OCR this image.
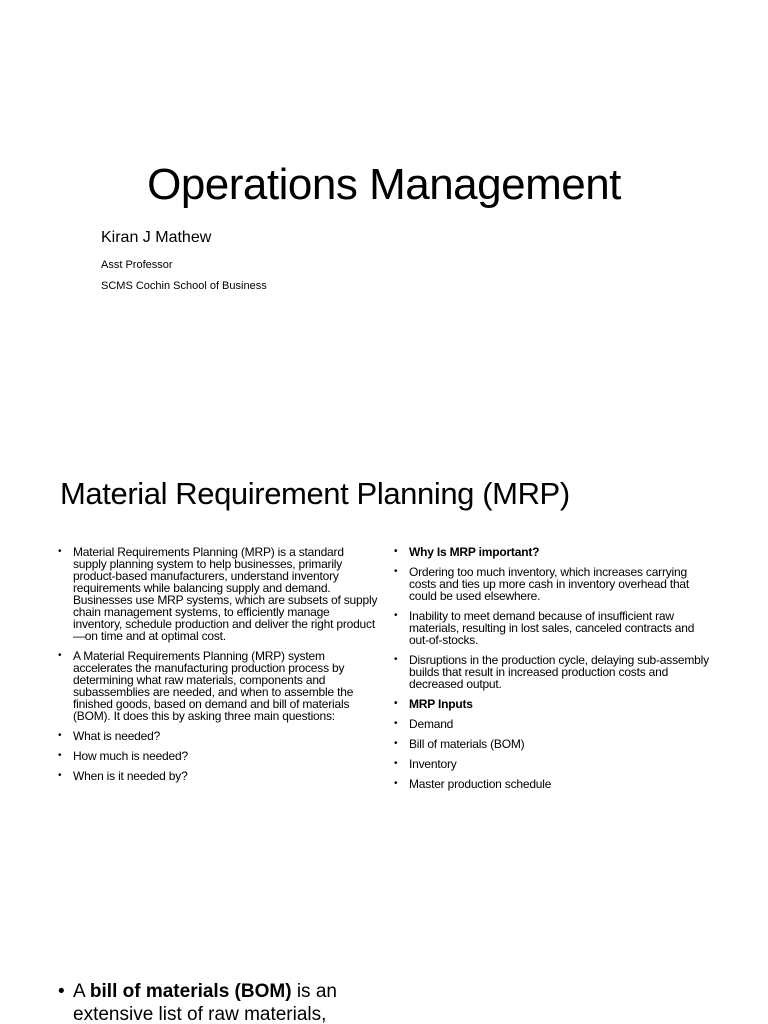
Operations Management

Kiran J Mathew

Asst Professor

SCMS Cochin School of Business

Material Requirement Planning (MRP)
• Material Requirements Planning (MRP) is a standard supply planning system to help businesses, primarily product-based manufacturers, understand inventory requirements while balancing supply and demand. Businesses use MRP systems, which are subsets of supply chain management systems, to efficiently manage inventory, schedule production and deliver the right product—on time and at optimal cost.
• A Material Requirements Planning (MRP) system accelerates the manufacturing production process by determining what raw materials, components and subassemblies are needed, and when to assemble the finished goods, based on demand and bill of materials (BOM). It does this by asking three main questions:
• What is needed?
• How much is needed?
• When is it needed by?
• Why Is MRP important?
• Ordering too much inventory, which increases carrying costs and ties up more cash in inventory overhead that could be used elsewhere.
• Inability to meet demand because of insufficient raw materials, resulting in lost sales, canceled contracts and out-of-stocks.
• Disruptions in the production cycle, delaying sub-assembly builds that result in increased production costs and decreased output.
• MRP Inputs
• Demand
• Bill of materials (BOM)
• Inventory
• Master production schedule

• A bill of materials (BOM) is an extensive list of raw materials,
